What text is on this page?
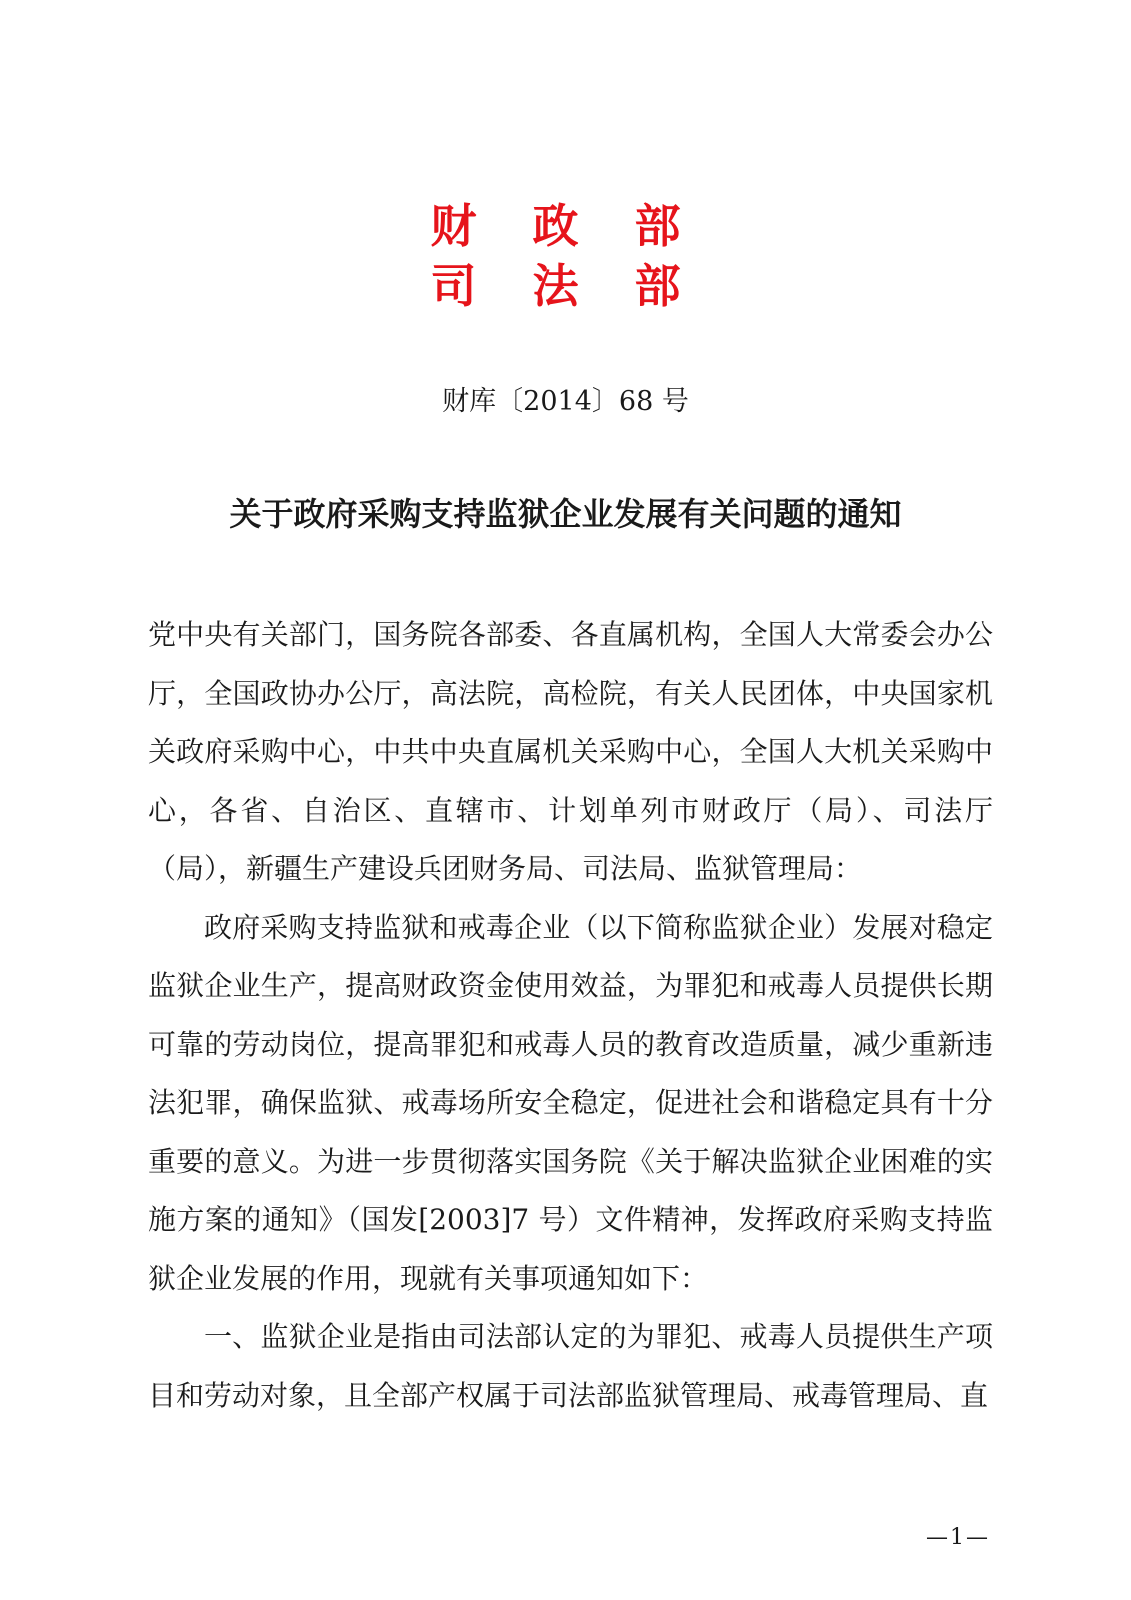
财 政 部
司 法 部
财库〔2014〕68 号
关于政府采购支持监狱企业发展有关问题的通知

党中央有关部门，国务院各部委、各直属机构，全国人大常委会办公厅，全国政协办公厅，高法院，高检院，有关人民团体，中央国家机关政府采购中心，中共中央直属机关采购中心，全国人大机关采购中心，各省、自治区、直辖市、计划单列市财政厅（局）、司法厅（局），新疆生产建设兵团财务局、司法局、监狱管理局：

政府采购支持监狱和戒毒企业（以下简称监狱企业）发展对稳定监狱企业生产，提高财政资金使用效益，为罪犯和戒毒人员提供长期可靠的劳动岗位，提高罪犯和戒毒人员的教育改造质量，减少重新违法犯罪，确保监狱、戒毒场所安全稳定，促进社会和谐稳定具有十分重要的意义。为进一步贯彻落实国务院《关于解决监狱企业困难的实施方案的通知》（国发[2003]7 号）文件精神，发挥政府采购支持监狱企业发展的作用，现就有关事项通知如下：

一、监狱企业是指由司法部认定的为罪犯、戒毒人员提供生产项目和劳动对象，且全部产权属于司法部监狱管理局、戒毒管理局、直

—1—
